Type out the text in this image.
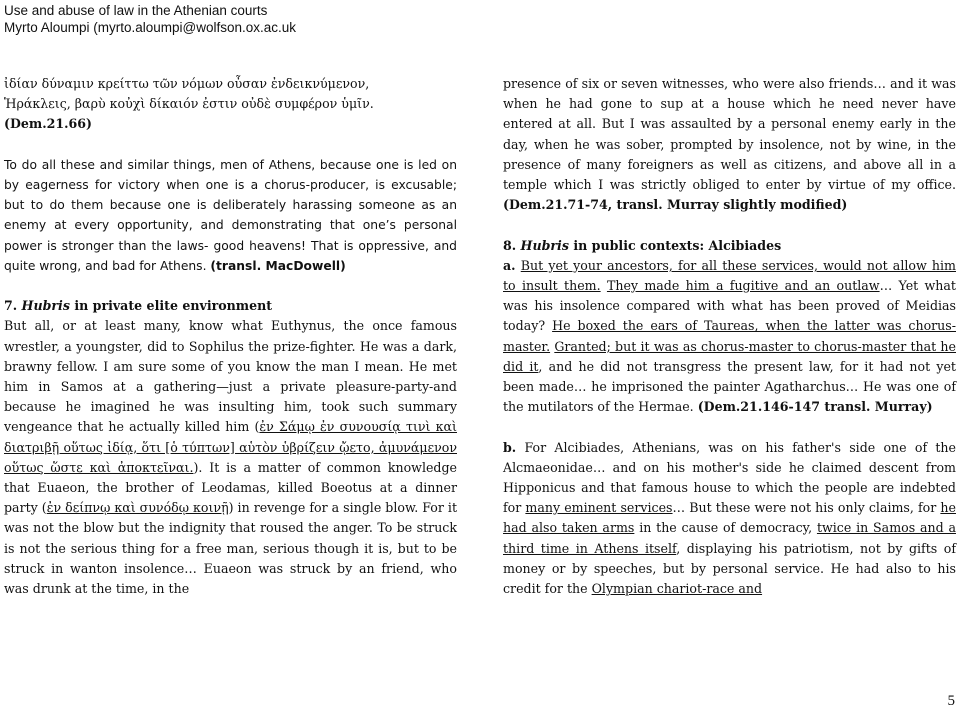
Use and abuse of law in the Athenian courts
Myrto Aloumpi (myrto.aloumpi@wolfson.ox.ac.uk

ἰδίαν δύναμιν κρείττω τῶν νόμων οὖσαν ἐνδεικνύμενον,
Ἡράκλεις, βαρὺ κοὐχὶ δίκαιόν ἐστιν οὐδὲ συμφέρον ὑμῖν.
(Dem.21.66)

To do all these and similar things, men of Athens, because one is led on by eagerness for victory when one is a chorus-producer, is excusable; but to do them because one is deliberately harassing someone as an enemy at every opportunity, and demonstrating that one’s personal power is stronger than the laws- good heavens! That is oppressive, and quite wrong, and bad for Athens. (transl. MacDowell)

7. Hubris in private elite environment

But all, or at least many, know what Euthynus, the once famous wrestler, a youngster, did to Sophilus the prize-fighter. He was a dark, brawny fellow. I am sure some of you know the man I mean. He met him in Samos at a gathering—just a private pleasure-party-and because he imagined he was insulting him, took such summary vengeance that he actually killed him (ἐν Σάμῳ ἐν συνουσίᾳ τινὶ καὶ διατριβῇ οὕτως ἰδίᾳ, ὅτι [ὁ τύπτων] αὑτὸν ὑβρίζειν ᾤετο, ἀμυνάμενον οὕτως ὥστε καὶ ἀποκτεῖναι.). It is a matter of common knowledge that Euaeon, the brother of Leodamas, killed Boeotus at a dinner party (ἐν δείπνῳ καὶ συνόδῳ κοινῇ) in revenge for a single blow. For it was not the blow but the indignity that roused the anger. To be struck is not the serious thing for a free man, serious though it is, but to be struck in wanton insolence… Euaeon was struck by an friend, who was drunk at the time, in the

presence of six or seven witnesses, who were also friends… and it was when he had gone to sup at a house which he need never have entered at all. But I was assaulted by a personal enemy early in the day, when he was sober, prompted by insolence, not by wine, in the presence of many foreigners as well as citizens, and above all in a temple which I was strictly obliged to enter by virtue of my office. (Dem.21.71-74, transl. Murray slightly modified)

8. Hubris in public contexts: Alcibiades

a. But yet your ancestors, for all these services, would not allow him to insult them. They made him a fugitive and an outlaw… Yet what was his insolence compared with what has been proved of Meidias today? He boxed the ears of Taureas, when the latter was chorus-master. Granted; but it was as chorus-master to chorus-master that he did it, and he did not transgress the present law, for it had not yet been made… he imprisoned the painter Agatharchus… He was one of the mutilators of the Hermae. (Dem.21.146-147 transl. Murray)

b. For Alcibiades, Athenians, was on his father's side one of the Alcmaeonidae… and on his mother's side he claimed descent from Hipponicus and that famous house to which the people are indebted for many eminent services… But these were not his only claims, for he had also taken arms in the cause of democracy, twice in Samos and a third time in Athens itself, displaying his patriotism, not by gifts of money or by speeches, but by personal service. He had also to his credit for the Olympian chariot-race and

5
